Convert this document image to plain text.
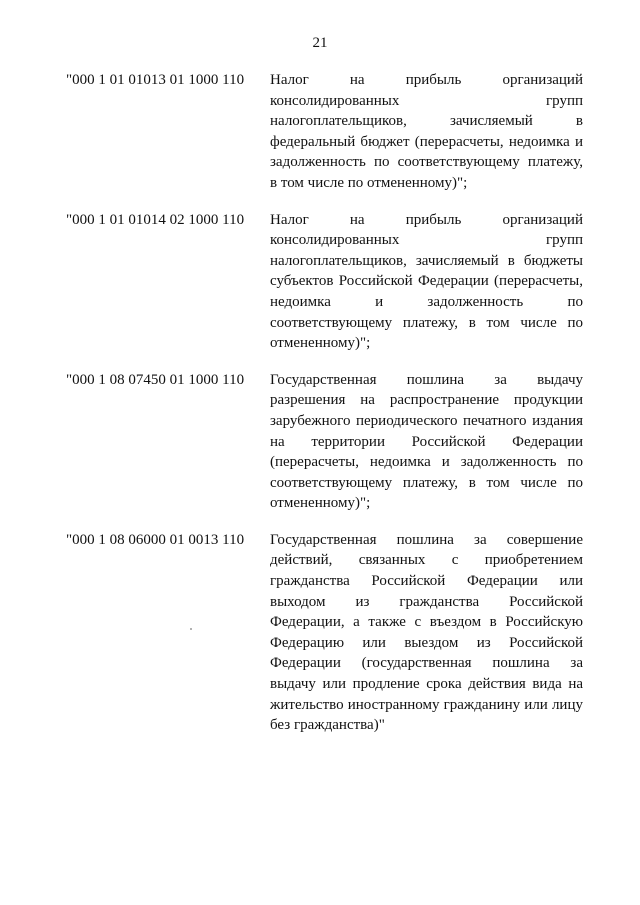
21
"000 1 01 01013 01 1000 110	Налог на прибыль организаций
консолидированных групп
налогоплательщиков, зачисляемый в
федеральный бюджет (перерасчеты, недоимка и
задолженность по соответствующему платежу,
в том числе по отмененному)";

"000 1 01 01014 02 1000 110	Налог на прибыль организаций
консолидированных групп
налогоплательщиков, зачисляемый в бюджеты
субъектов Российской Федерации (перерасчеты,
недоимка и задолженность по
соответствующему платежу, в том числе по
отмененному)";

"000 1 08 07450 01 1000 110	Государственная пошлина за выдачу
разрешения на распространение продукции
зарубежного периодического печатного издания
на территории Российской Федерации
(перерасчеты, недоимка и задолженность по
соответствующему платежу, в том числе по
отмененному)";

"000 1 08 06000 01 0013 110	Государственная пошлина за совершение
действий, связанных с приобретением
гражданства Российской Федерации или
выходом из гражданства Российской
Федерации, а также с въездом в Российскую
Федерацию или выездом из Российской
Федерации (государственная пошлина за
выдачу или продление срока действия вида на
жительство иностранному гражданину или лицу
без гражданства)"
